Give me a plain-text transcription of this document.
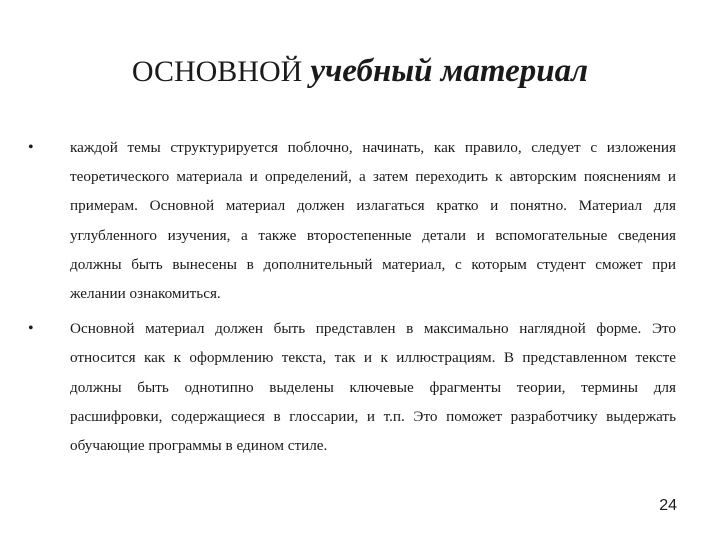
ОСНОВНОЙ учебный материал
•	каждой темы структурируется поблочно, начинать, как правило, следует с изложения теоретического материала и определений, а затем переходить к авторским пояснениям и примерам. Основной материал должен излагаться кратко и понятно. Материал для углубленного изучения, а также второстепенные детали и вспомогательные сведения должны быть вынесены в дополнительный материал, с которым студент сможет при желании ознакомиться.
•	Основной материал должен быть представлен в максимально наглядной форме. Это относится как к оформлению текста, так и к иллюстрациям. В представленном тексте должны быть однотипно выделены ключевые фрагменты теории, термины для расшифровки, содержащиеся в глоссарии, и т.п. Это поможет разработчику выдержать обучающие программы в едином стиле.
24
